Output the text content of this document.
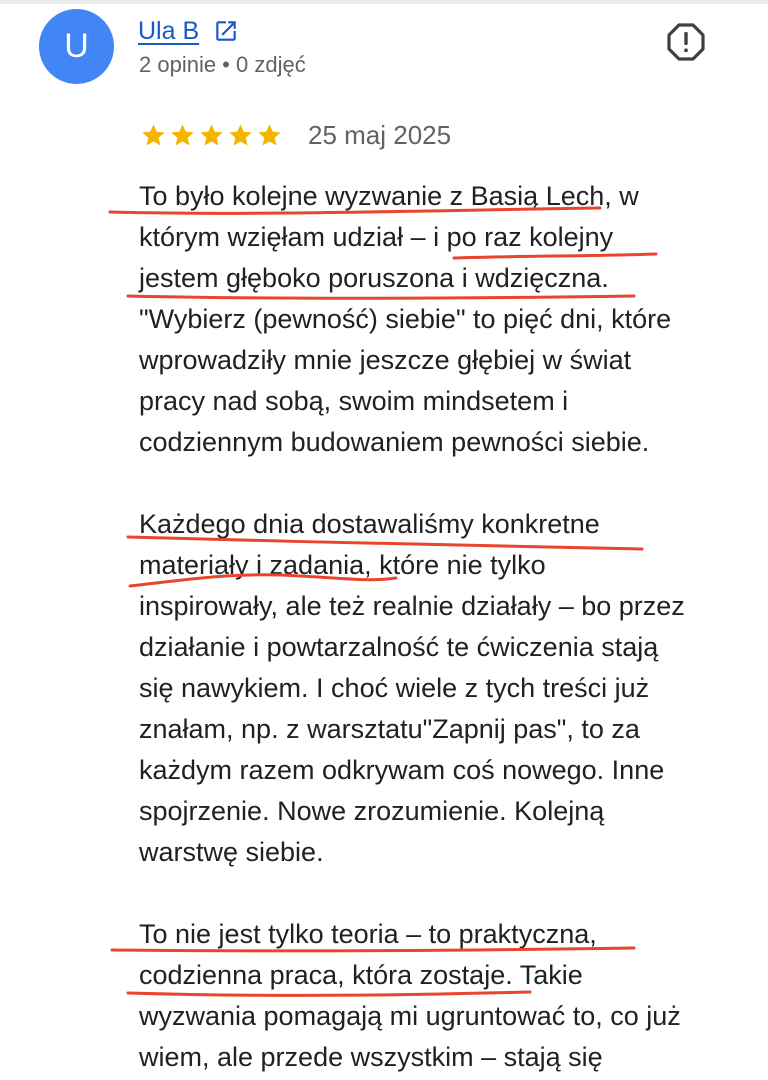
U	Ula B
2 opinie • 0 zdjęć
25 maj 2025
To było kolejne wyzwanie z Basią Lech, w
którym wzięłam udział – i po raz kolejny
jestem głęboko poruszona i wdzięczna.
"Wybierz (pewność) siebie" to pięć dni, które
wprowadziły mnie jeszcze głębiej w świat
pracy nad sobą, swoim mindsetem i
codziennym budowaniem pewności siebie.
Każdego dnia dostawaliśmy konkretne
materiały i zadania, które nie tylko
inspirowały, ale też realnie działały – bo przez
działanie i powtarzalność te ćwiczenia stają
się nawykiem. I choć wiele z tych treści już
znałam, np. z warsztatu"Zapnij pas", to za
każdym razem odkrywam coś nowego. Inne
spojrzenie. Nowe zrozumienie. Kolejną
warstwę siebie.
To nie jest tylko teoria – to praktyczna,
codzienna praca, która zostaje. Takie
wyzwania pomagają mi ugruntować to, co już
wiem, ale przede wszystkim – stają się
